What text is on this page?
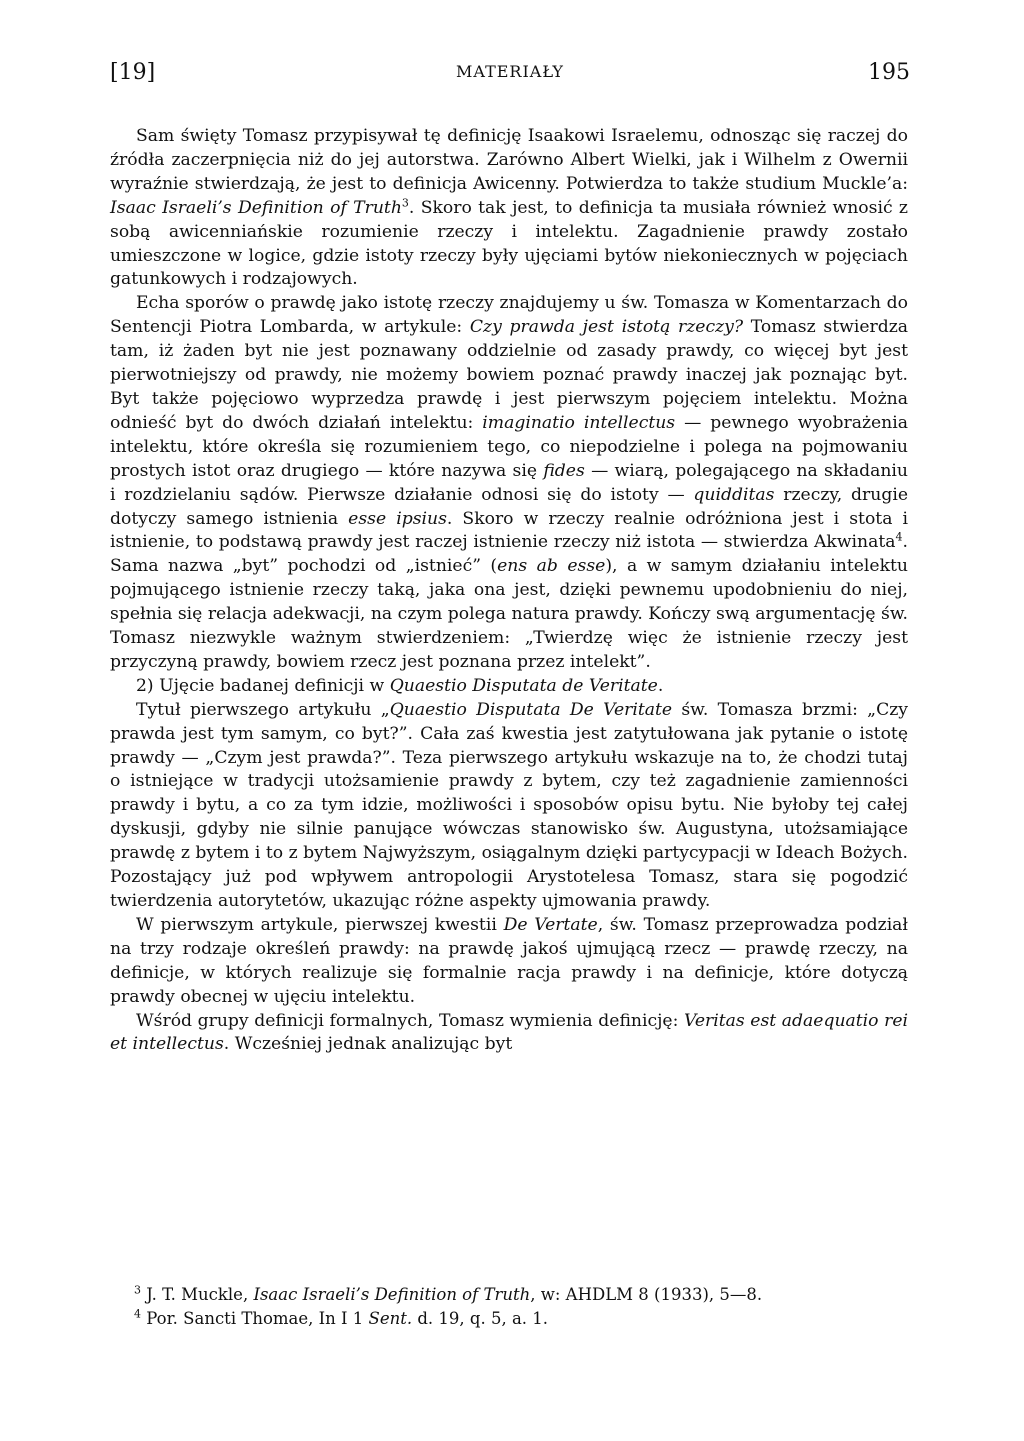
[19]	MATERIAŁY	195

Sam święty Tomasz przypisywał tę definicję Isaakowi Israelemu, odnosząc się raczej do źródła zaczerpnięcia niż do jej autorstwa. Zarówno Albert Wielki, jak i Wilhelm z Owernii wyraźnie stwierdzają, że jest to definicja Awicenny. Potwierdza to także studium Muckle’a: Isaac Israeli’s Definition of Truth$^3$. Skoro tak jest, to definicja ta musiała również wnosić z sobą awicenniańskie rozumienie rzeczy i intelektu. Zagadnienie prawdy zostało umieszczone w logice, gdzie istoty rzeczy były ujęciami bytów niekoniecznych w pojęciach gatunkowych i rodzajowych.

Echa sporów o prawdę jako istotę rzeczy znajdujemy u św. Tomasza w Komentarzach do Sentencji Piotra Lombarda, w artykule: Czy prawda jest istotą rzeczy? Tomasz stwierdza tam, iż żaden byt nie jest poznawany oddzielnie od zasady prawdy, co więcej byt jest pierwotniejszy od prawdy, nie możemy bowiem poznać prawdy inaczej jak poznając byt. Byt także pojęciowo wyprzedza prawdę i jest pierwszym pojęciem intelektu. Można odnieść byt do dwóch działań intelektu: imaginatio intellectus — pewnego wyobrażenia intelektu, które określa się rozumieniem tego, co niepodzielne i polega na pojmowaniu prostych istot oraz drugiego — które nazywa się fides — wiarą, polegającego na składaniu i rozdzielaniu sądów. Pierwsze działanie odnosi się do istoty — quidditas rzeczy, drugie dotyczy samego istnienia esse ipsius. Skoro w rzeczy realnie odróżniona jest i stota i istnienie, to podstawą prawdy jest raczej istnienie rzeczy niż istota — stwierdza Akwinata$^4$. Sama nazwa „byt” pochodzi od „istnieć” (ens ab esse), a w samym działaniu intelektu pojmującego istnienie rzeczy taką, jaka ona jest, dzięki pewnemu upodobnieniu do niej, spełnia się relacja adekwacji, na czym polega natura prawdy. Kończy swą argumentację św. Tomasz niezwykle ważnym stwierdzeniem: „Twierdzę więc że istnienie rzeczy jest przyczyną prawdy, bowiem rzecz jest poznana przez intelekt”.

2) Ujęcie badanej definicji w Quaestio Disputata de Veritate.

Tytuł pierwszego artykułu „Quaestio Disputata De Veritate św. Tomasza brzmi: „Czy prawda jest tym samym, co byt?”. Cała zaś kwestia jest zatytułowana jak pytanie o istotę prawdy — „Czym jest prawda?”. Teza pierwszego artykułu wskazuje na to, że chodzi tutaj o istniejące w tradycji utożsamienie prawdy z bytem, czy też zagadnienie zamienności prawdy i bytu, a co za tym idzie, możliwości i sposobów opisu bytu. Nie byłoby tej całej dyskusji, gdyby nie silnie panujące wówczas stanowisko św. Augustyna, utożsamiające prawdę z bytem i to z bytem Najwyższym, osiągalnym dzięki partycypacji w Ideach Bożych. Pozostający już pod wpływem antropologii Arystotelesa Tomasz, stara się pogodzić twierdzenia autorytetów, ukazując różne aspekty ujmowania prawdy.

W pierwszym artykule, pierwszej kwestii De Vertate, św. Tomasz przeprowadza podział na trzy rodzaje określeń prawdy: na prawdę jakoś ujmującą rzecz — prawdę rzeczy, na definicje, w których realizuje się formalnie racja prawdy i na definicje, które dotyczą prawdy obecnej w ujęciu intelektu.

Wśród grupy definicji formalnych, Tomasz wymienia definicję: Veritas est adaequatio rei et intellectus. Wcześniej jednak analizując byt

$^3$ J. T. Muckle, Isaac Israeli’s Definition of Truth, w: AHDLM 8 (1933), 5—8.

$^4$ Por. Sancti Thomae, In I 1 Sent. d. 19, q. 5, a. 1.
